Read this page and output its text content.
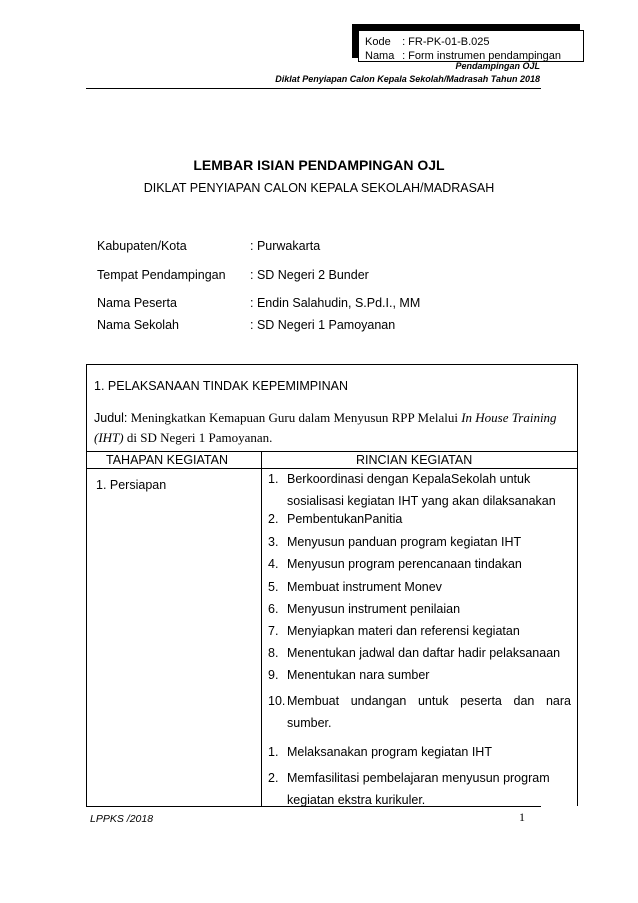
Kode : FR-PK-01-B.025
Nama : Form instrumen pendampingan
Pendampingan OJL
Diklat Penyiapan Calon Kepala Sekolah/Madrasah Tahun 2018
LEMBAR ISIAN PENDAMPINGAN OJL
DIKLAT PENYIAPAN CALON KEPALA SEKOLAH/MADRASAH
Kabupaten/Kota	: Purwakarta
Tempat Pendampingan : SD Negeri 2 Bunder
Nama Peserta	: Endin Salahudin, S.Pd.I., MM
Nama Sekolah	: SD Negeri 1 Pamoyanan
1. PELAKSANAAN TINDAK KEPEMIMPINAN
Judul: Meningkatkan Kemapuan Guru dalam Menyusun RPP Melalui In House Training (IHT) di SD Negeri 1 Pamoyanan.
TAHAPAN KEGIATAN	RINCIAN KEGIATAN
1. Persiapan	1. Berkoordinasi dengan KepalaSekolah untuk sosialisasi kegiatan IHT yang akan dilaksanakan
2. PembentukanPanitia
3. Menyusun panduan program kegiatan IHT
4. Menyusun program perencanaan tindakan
5. Membuat instrument Monev
6. Menyusun instrument penilaian
7. Menyiapkan materi dan referensi kegiatan
8. Menentukan jadwal dan daftar hadir pelaksanaan
9. Menentukan nara sumber
10. Membuat undangan untuk peserta dan nara sumber.
1. Melaksanakan program kegiatan IHT
2. Memfasilitasi pembelajaran menyusun program kegiatan ekstra kurikuler.
LPPKS /2018	1
